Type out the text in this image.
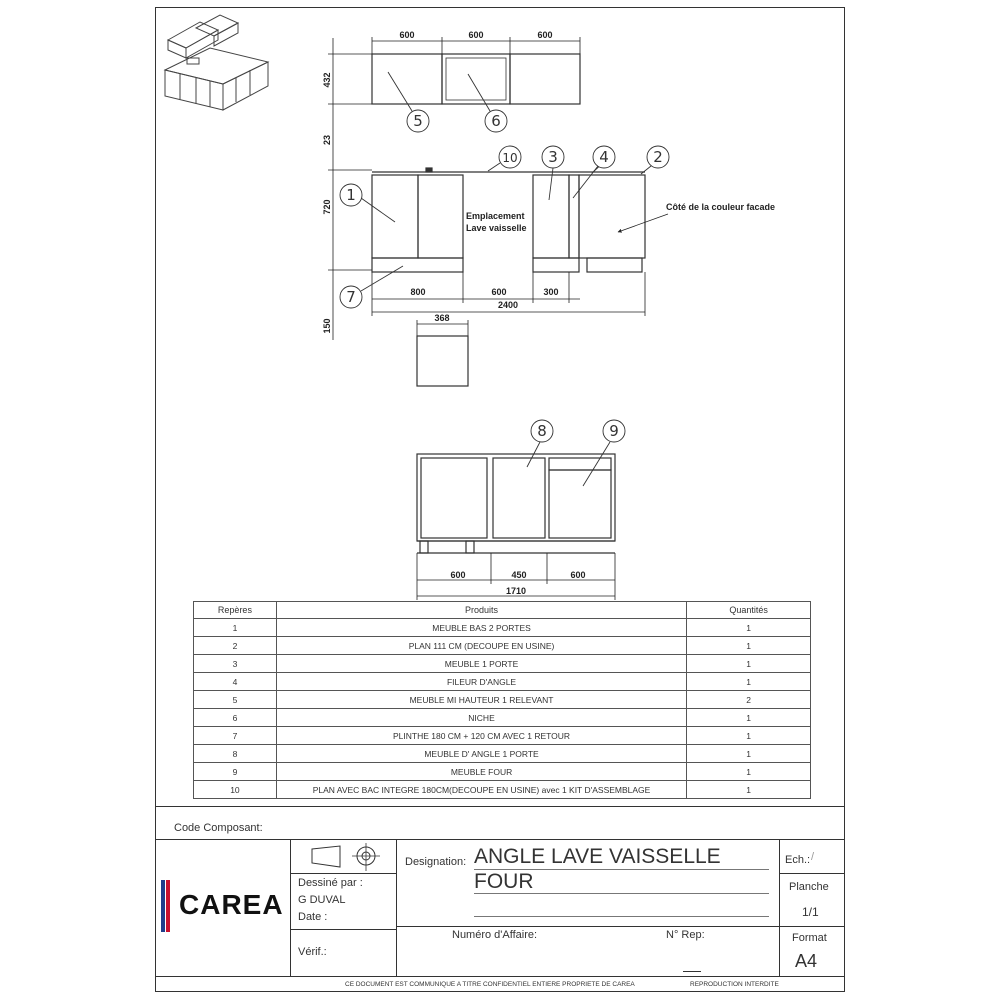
600	600	600
432
23
720
150
Emplacement
Lave vaisselle
Côté de la couleur facade
800	600	300
2400
368
600	450	600
1710
1
2
3	4
5	6
7
8	9
10
Repères	Produits	Quantités
1	MEUBLE BAS 2 PORTES	1
2	PLAN 111 CM (DECOUPE EN USINE)	1
3	MEUBLE 1 PORTE	1
4	FILEUR D'ANGLE	1
5	MEUBLE MI HAUTEUR 1 RELEVANT	2
6	NICHE	1
7	PLINTHE 180 CM + 120 CM AVEC 1 RETOUR	1
8	MEUBLE D' ANGLE 1 PORTE	1
9	MEUBLE FOUR	1
10	PLAN AVEC BAC INTEGRE 180CM(DECOUPE EN USINE) avec 1 KIT D'ASSEMBLAGE	1
Code Composant:
CAREA
Dessiné par :
G DUVAL
Date :
Vérif.:
Designation: ANGLE LAVE VAISSELLE
FOUR
Numéro d'Affaire:	N° Rep:
Ech.: /
Planche
1/1
Format
A4
CE DOCUMENT EST COMMUNIQUE A TITRE CONFIDENTIEL ENTIERE PROPRIETE DE CAREA	REPRODUCTION INTERDITE
